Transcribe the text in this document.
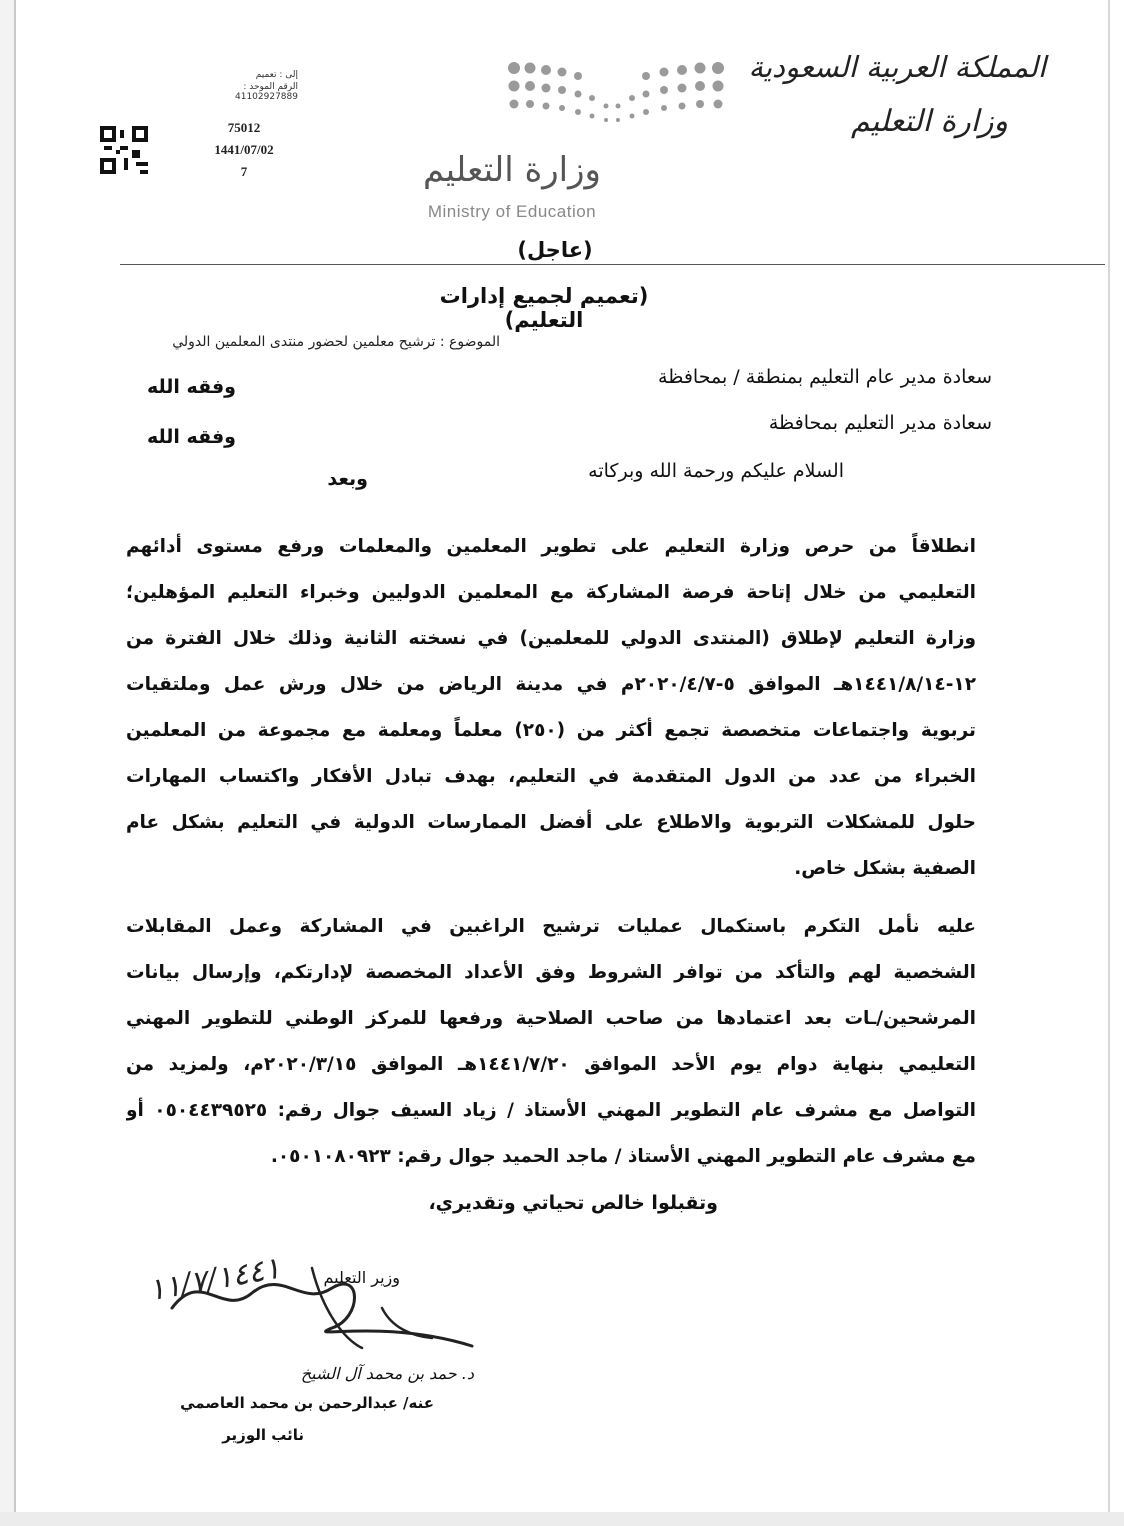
المملكة العربية السعودية
وزارة التعليم
وزارة التعليم
Ministry of Education
إلى : تعميم
الرقم الموحد : 41102927889
75012
1441/07/02
7
(عاجل)
(تعميم لجميع إدارات التعليم)
الموضوع : ترشيح معلمين لحضور منتدى المعلمين الدولي
سعادة مدير عام التعليم بمنطقة / بمحافظة
سعادة مدير التعليم بمحافظة
وفقه الله
وفقه الله
السلام عليكم ورحمة الله وبركاته
وبعد
انطلاقاً من حرص وزارة التعليم على تطوير المعلمين والمعلمات ورفع مستوى أدائهم
التعليمي من خلال إتاحة فرصة المشاركة مع المعلمين الدوليين وخبراء التعليم المؤهلين؛
وزارة التعليم لإطلاق (المنتدى الدولي للمعلمين) في نسخته الثانية وذلك خلال الفترة من
١٢-١٤٤١/٨/١٤هـ الموافق ٥-٢٠٢٠/٤/٧م في مدينة الرياض من خلال ورش عمل وملتقيات
تربوية واجتماعات متخصصة تجمع أكثر من (٢٥٠) معلماً ومعلمة مع مجموعة من المعلمين
الخبراء من عدد من الدول المتقدمة في التعليم، بهدف تبادل الأفكار واكتساب المهارات
حلول للمشكلات التربوية والاطلاع على أفضل الممارسات الدولية في التعليم بشكل عام
الصفية بشكل خاص.
عليه نأمل التكرم باستكمال عمليات ترشيح الراغبين في المشاركة وعمل المقابلات
الشخصية لهم والتأكد من توافر الشروط وفق الأعداد المخصصة لإدارتكم، وإرسال بيانات
المرشحين/ـات بعد اعتمادها من صاحب الصلاحية ورفعها للمركز الوطني للتطوير المهني
التعليمي بنهاية دوام يوم الأحد الموافق ١٤٤١/٧/٢٠هـ الموافق ٢٠٢٠/٣/١٥م، ولمزيد من
التواصل مع مشرف عام التطوير المهني الأستاذ / زياد السيف جوال رقم: ٠٥٠٤٤٣٩٥٢٥ أو
مع مشرف عام التطوير المهني الأستاذ / ماجد الحميد جوال رقم: ٠٥٠١٠٨٠٩٢٣.
وتقبلوا خالص تحياتي وتقديري،
وزير التعليم
١١/٧/١٤٤١
د. حمد بن محمد آل الشيخ
عنه/ عبدالرحمن بن محمد العاصمي
نائب الوزير
